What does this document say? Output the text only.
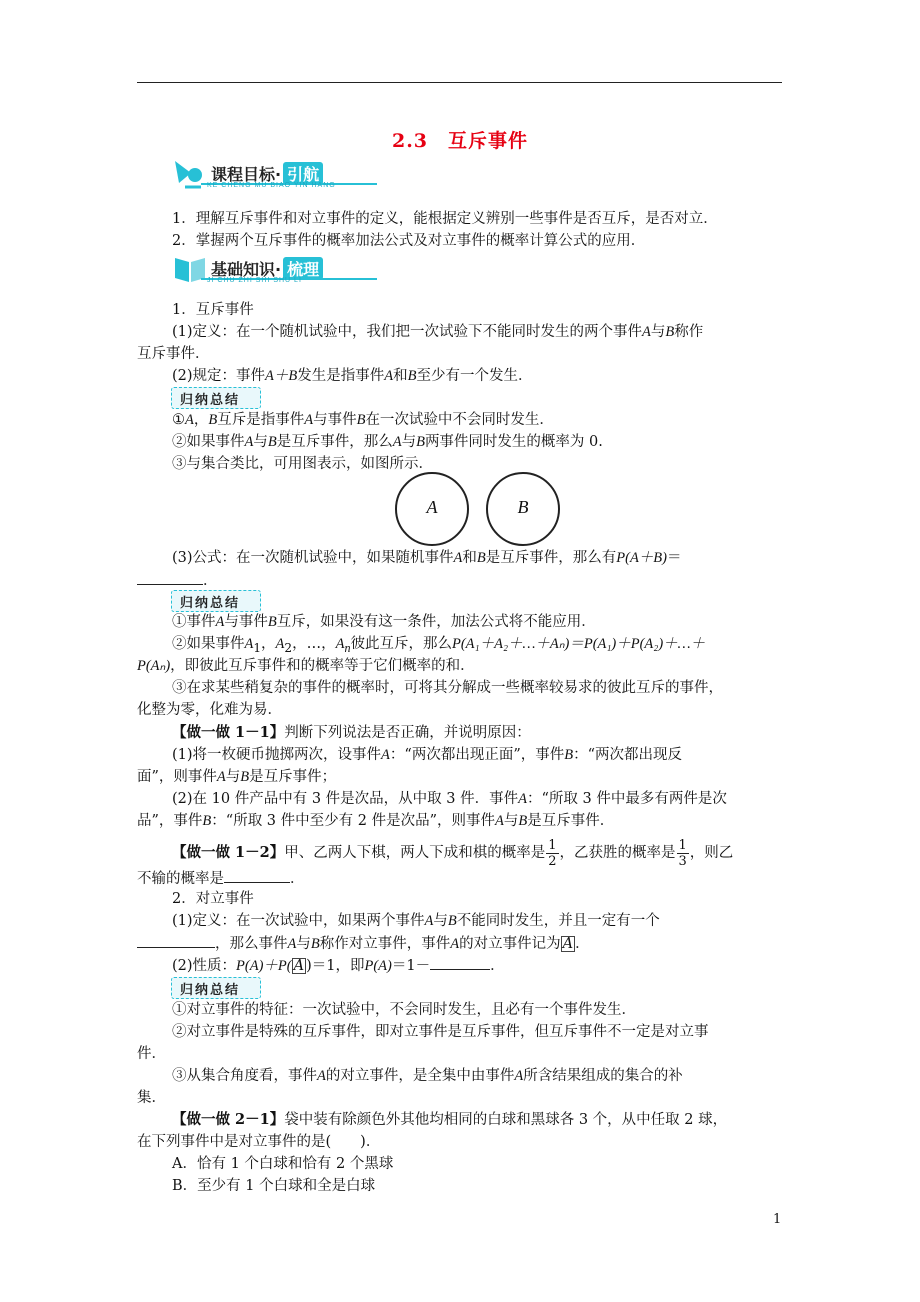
2.3　互斥事件
课程目标· 引航
KE CHENG MU BIAO YIN HANG
1．理解互斥事件和对立事件的定义，能根据定义辨别一些事件是否互斥，是否对立．
2．掌握两个互斥事件的概率加法公式及对立事件的概率计算公式的应用．
基础知识· 梳理
JI CHU ZHI SHI SHU LI
1．互斥事件
(1)定义：在一个随机试验中，我们把一次试验下不能同时发生的两个事件A与B称作
互斥事件．
(2)规定：事件A＋B发生是指事件A和B至少有一个发生．
归纳总结
①A，B互斥是指事件A与事件B在一次试验中不会同时发生．
②如果事件A与B是互斥事件，那么A与B两事件同时发生的概率为 0.
③与集合类比，可用图表示，如图所示．
A	B
(3)公式：在一次随机试验中，如果随机事件A和B是互斥事件，那么有P(A＋B)＝
．
归纳总结
①事件A与事件B互斥，如果没有这一条件，加法公式将不能应用．
②如果事件$A_1$，$A_2$，…，$A_n$彼此互斥，那么P(A₁＋A₂＋…＋Aₙ)＝P(A₁)＋P(A₂)＋…＋
P(Aₙ)，即彼此互斥事件和的概率等于它们概率的和．
③在求某些稍复杂的事件的概率时，可将其分解成一些概率较易求的彼此互斥的事件，
化整为零，化难为易．
【做一做 1－1】判断下列说法是否正确，并说明原因：
(1)将一枚硬币抛掷两次，设事件A：“两次都出现正面”，事件B：“两次都出现反
面”，则事件A与B是互斥事件；
(2)在 10 件产品中有 3 件是次品，从中取 3 件．事件A：“所取 3 件中最多有两件是次
品”，事件B：“所取 3 件中至少有 2 件是次品”，则事件A与B是互斥事件．
【做一做 1－2】甲、乙两人下棋，两人下成和棋的概率是 $\frac{1}{2}$ ，乙获胜的概率是 $\frac{1}{3}$ ，则乙
不输的概率是	．
2．对立事件
(1)定义：在一次试验中，如果两个事件A与B不能同时发生，并且一定有一个
，那么事件A与B称作对立事件，事件A的对立事件记为 A ．
(2)性质：P(A)＋P( A )＝1，即P(A)＝1－	．
归纳总结
①对立事件的特征：一次试验中，不会同时发生，且必有一个事件发生．
②对立事件是特殊的互斥事件，即对立事件是互斥事件，但互斥事件不一定是对立事
件．
③从集合角度看，事件A的对立事件，是全集中由事件A所含结果组成的集合的补
集．
【做一做 2－1】袋中装有除颜色外其他均相同的白球和黑球各 3 个，从中任取 2 球，
在下列事件中是对立事件的是(　　)．
A．恰有 1 个白球和恰有 2 个黑球
B．至少有 1 个白球和全是白球
1
